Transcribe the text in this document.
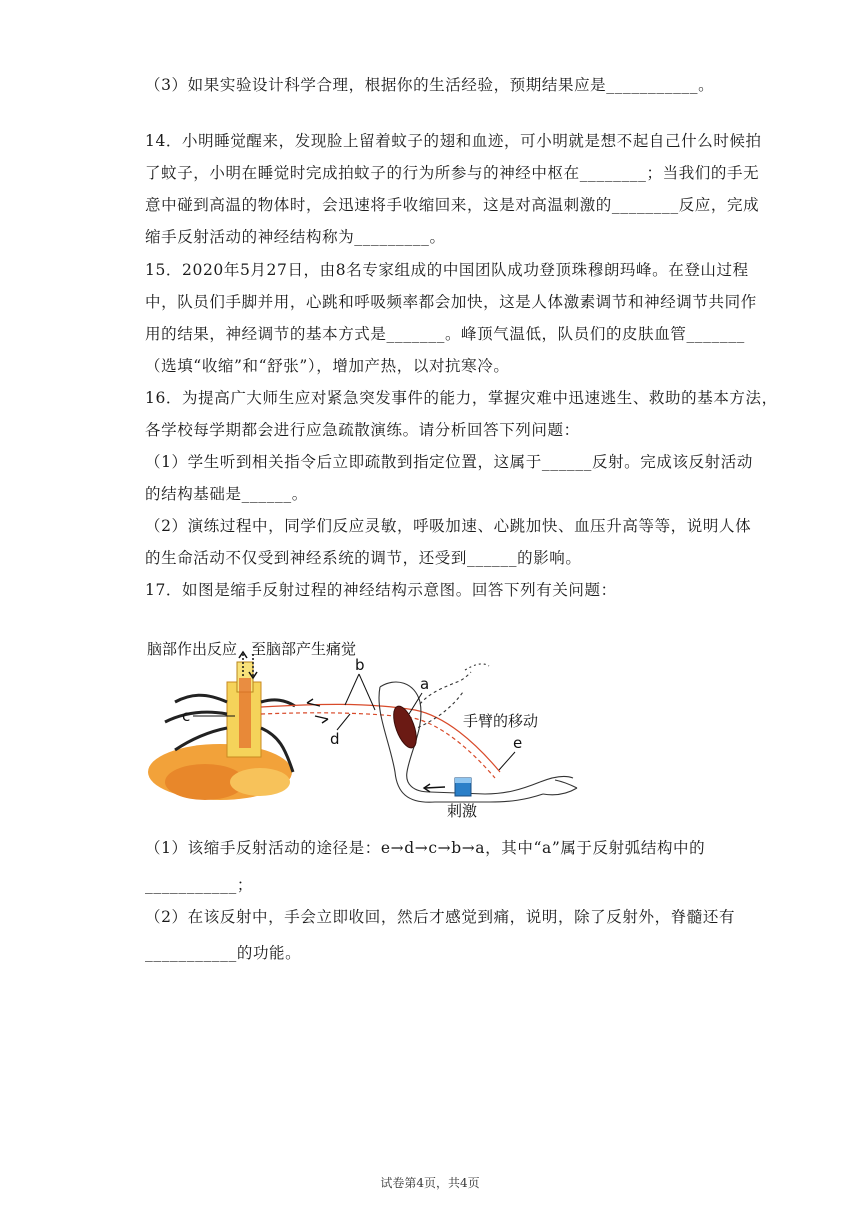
（3）如果实验设计科学合理，根据你的生活经验，预期结果应是___________。
14．小明睡觉醒来，发现脸上留着蚊子的翅和血迹，可小明就是想不起自己什么时候拍
了蚊子，小明在睡觉时完成拍蚊子的行为所参与的神经中枢在________；当我们的手无
意中碰到高温的物体时，会迅速将手收缩回来，这是对高温刺激的________反应，完成
缩手反射活动的神经结构称为_________。
15．2020年5月27日，由8名专家组成的中国团队成功登顶珠穆朗玛峰。在登山过程
中，队员们手脚并用，心跳和呼吸频率都会加快，这是人体激素调节和神经调节共同作
用的结果，神经调节的基本方式是_______。峰顶气温低，队员们的皮肤血管_______
（选填“收缩”和“舒张”），增加产热，以对抗寒冷。
16．为提高广大师生应对紧急突发事件的能力，掌握灾难中迅速逃生、救助的基本方法，
各学校每学期都会进行应急疏散演练。请分析回答下列问题：
（1）学生听到相关指令后立即疏散到指定位置，这属于______反射。完成该反射活动
的结构基础是______。
（2）演练过程中，同学们反应灵敏，呼吸加速、心跳加快、血压升高等等，说明人体
的生命活动不仅受到神经系统的调节，还受到______的影响。
17．如图是缩手反射过程的神经结构示意图。回答下列有关问题：
脑部作出反应 至脑部产生痛觉
c
b
d
a
手臂的移动
e
刺激
（1）该缩手反射活动的途径是：e→d→c→b→a，其中“a”属于反射弧结构中的
___________；
（2）在该反射中，手会立即收回，然后才感觉到痛，说明，除了反射外，脊髓还有
___________的功能。
试卷第4页，共4页
